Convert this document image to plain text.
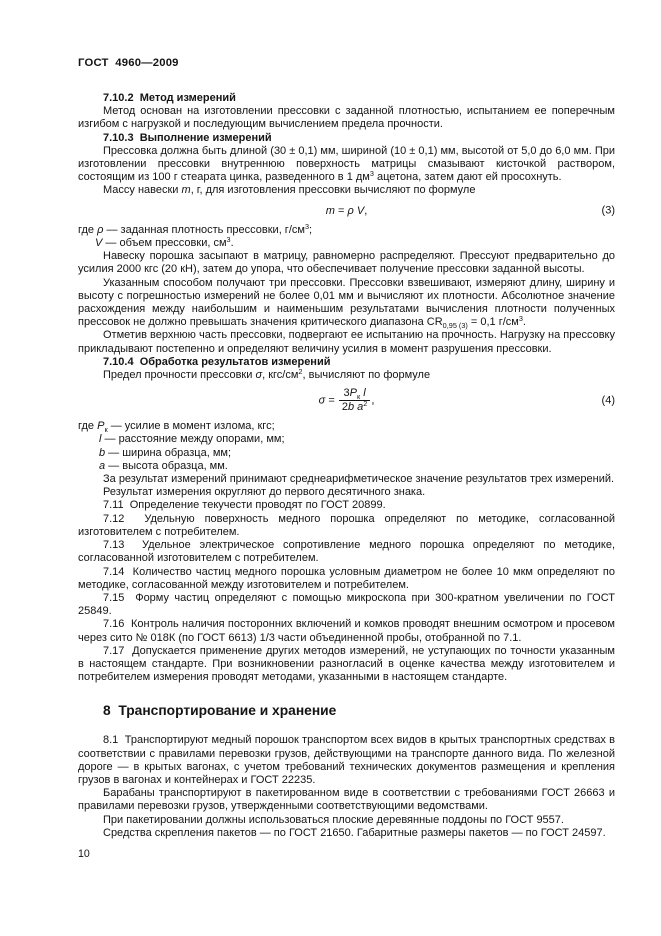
ГОСТ  4960—2009
7.10.2  Метод измерений

Метод основан на изготовлении прессовки с заданной плотностью, испытанием ее поперечным изгибом с нагрузкой и последующим вычислением предела прочности.

7.10.3  Выполнение измерений

Прессовка должна быть длиной (30 ± 0,1) мм, шириной (10 ± 0,1) мм, высотой от 5,0 до 6,0 мм. При изготовлении прессовки внутреннюю поверхность матрицы смазывают кисточкой раствором, состоящим из 100 г стеарата цинка, разведенного в 1 $дм^3$ ацетона, затем дают ей просохнуть.

Массу навески m, г, для изготовления прессовки вычисляют по формуле

m = ρ V,	(3)
где ρ — заданная плотность прессовки, $г/см^3$;
V — объем прессовки, $см^3$.

Навеску порошка засыпают в матрицу, равномерно распределяют. Прессуют предварительно до усилия 2000 кгс (20 кН), затем до упора, что обеспечивает получение прессовки заданной высоты.

Указанным способом получают три прессовки. Прессовки взвешивают, измеряют длину, ширину и высоту с погрешностью измерений не более 0,01 мм и вычисляют их плотности. Абсолютное значение расхождения между наибольшим и наименьшим результатами вычисления плотности полученных прессовок не должно превышать значения критического диапазона $CR_{0,95 (3)} = 0,1$ $г/см^3$.

Отметив верхнюю часть прессовки, подвергают ее испытанию на прочность. Нагрузку на прессовку прикладывают постепенно и определяют величину усилия в момент разрушения прессовки.

7.10.4  Обработка результатов измерений

Предел прочности прессовки σ, кгс/$см^2$, вычисляют по формуле

$\sigma = \frac{3P_к l}{2b a^2}$ ,	(4)
где $P_к$ — усилие в момент излома, кгс;
l — расстояние между опорами, мм;
b — ширина образца, мм;
a — высота образца, мм.

За результат измерений принимают среднеарифметическое значение результатов трех измерений.

Результат измерения округляют до первого десятичного знака.

7.11  Определение текучести проводят по ГОСТ 20899.

7.12  Удельную поверхность медного порошка определяют по методике, согласованной изготовителем с потребителем.

7.13  Удельное электрическое сопротивление медного порошка определяют по методике, согласованной изготовителем с потребителем.

7.14  Количество частиц медного порошка условным диаметром не более 10 мкм определяют по методике, согласованной между изготовителем и потребителем.

7.15  Форму частиц определяют с помощью микроскопа при 300-кратном увеличении по ГОСТ 25849.

7.16  Контроль наличия посторонних включений и комков проводят внешним осмотром и просевом через сито № 018К (по ГОСТ 6613) 1/3 части объединенной пробы, отобранной по 7.1.

7.17  Допускается применение других методов измерений, не уступающих по точности указанным в настоящем стандарте. При возникновении разногласий в оценке качества между изготовителем и потребителем измерения проводят методами, указанными в настоящем стандарте.

8  Транспортирование и хранение

8.1  Транспортируют медный порошок транспортом всех видов в крытых транспортных средствах в соответствии с правилами перевозки грузов, действующими на транспорте данного вида. По железной дороге — в крытых вагонах, с учетом требований технических документов размещения и крепления грузов в вагонах и контейнерах и ГОСТ 22235.

Барабаны транспортируют в пакетированном виде в соответствии с требованиями ГОСТ 26663 и правилами перевозки грузов, утвержденными соответствующими ведомствами.

При пакетировании должны использоваться плоские деревянные поддоны по ГОСТ 9557.

Средства скрепления пакетов — по ГОСТ 21650. Габаритные размеры пакетов — по ГОСТ 24597.

10
